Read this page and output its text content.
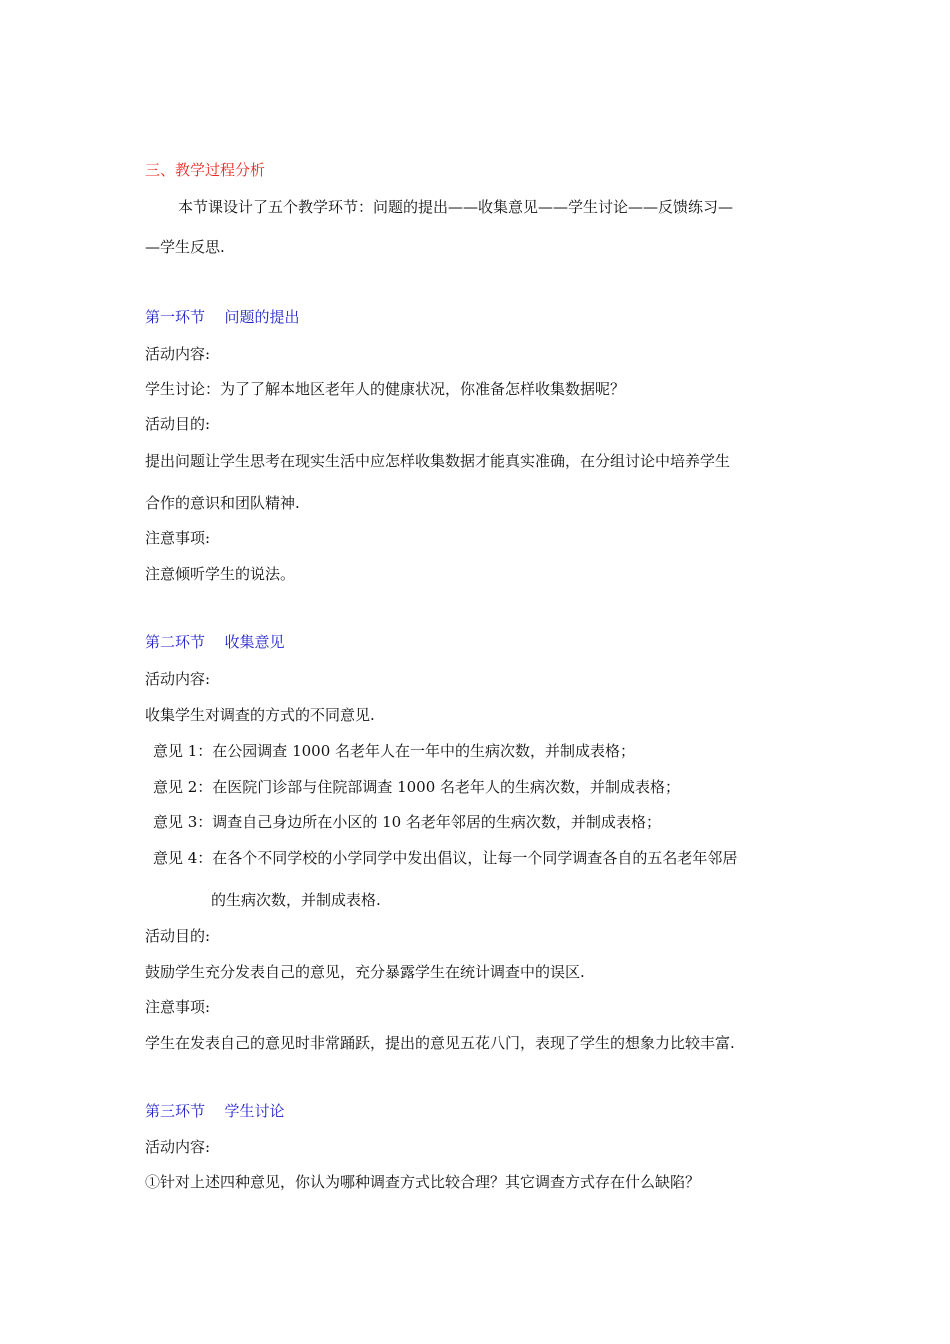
三、教学过程分析
本节课设计了五个教学环节：问题的提出——收集意见——学生讨论——反馈练习—
—学生反思.
第一环节 问题的提出
活动内容:
学生讨论：为了了解本地区老年人的健康状况，你准备怎样收集数据呢？
活动目的:
提出问题让学生思考在现实生活中应怎样收集数据才能真实准确，在分组讨论中培养学生
合作的意识和团队精神.
注意事项:
注意倾听学生的说法。
第二环节 收集意见
活动内容:
收集学生对调查的方式的不同意见.
意见 1：在公园调查 1000 名老年人在一年中的生病次数，并制成表格；
意见 2：在医院门诊部与住院部调查 1000 名老年人的生病次数，并制成表格；
意见 3：调查自己身边所在小区的 10 名老年邻居的生病次数，并制成表格；
意见 4：在各个不同学校的小学同学中发出倡议，让每一个同学调查各自的五名老年邻居
的生病次数，并制成表格.
活动目的:
鼓励学生充分发表自己的意见，充分暴露学生在统计调查中的误区.
注意事项:
学生在发表自己的意见时非常踊跃，提出的意见五花八门，表现了学生的想象力比较丰富.
第三环节 学生讨论
活动内容:
①针对上述四种意见，你认为哪种调查方式比较合理？其它调查方式存在什么缺陷？
